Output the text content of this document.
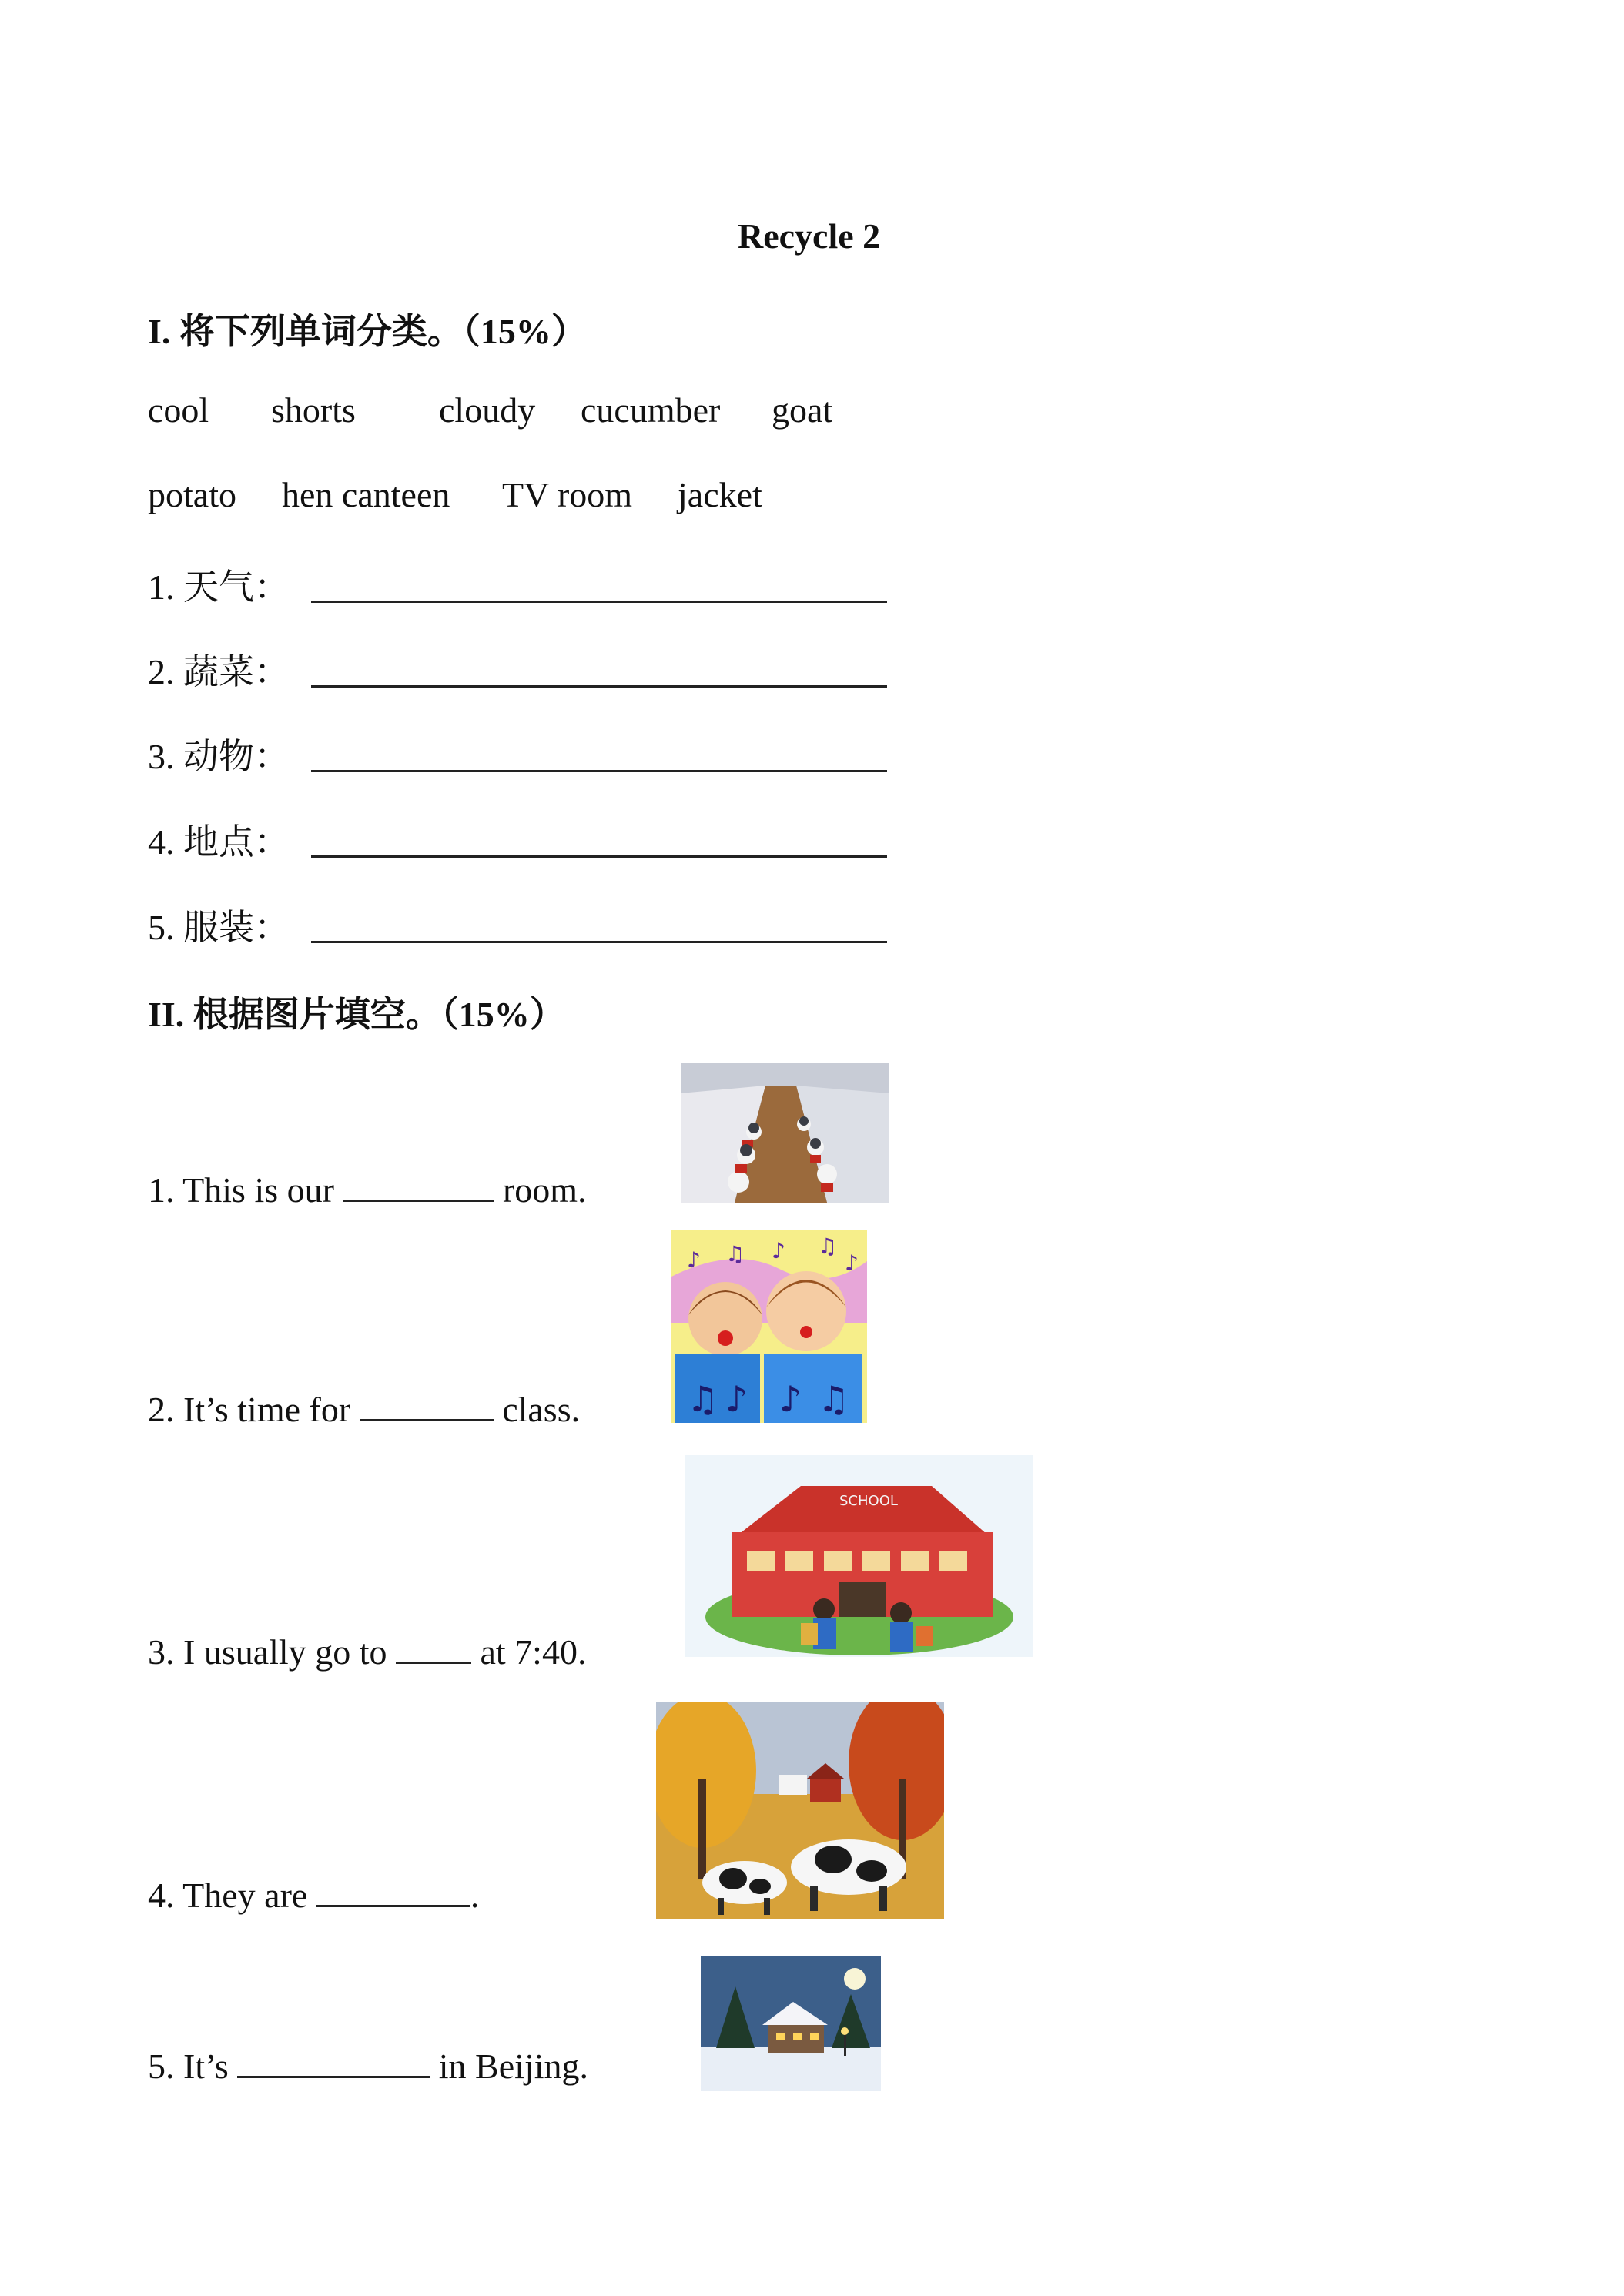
Recycle 2
I. 将下列单词分类。（15%）
cool shorts cloudy cucumber goat
potato hen canteen TV room jacket
1. 天气：
2. 蔬菜：
3. 动物：
4. 地点：
5. 服装：
II. 根据图片填空。（15%）
1. This is our	room.
2. It’s time for	class.
♪ ♫ ♪ ♫
♪
♫ ♪ ♪ ♫
3. I usually go to	at 7:40.
SCHOOL
4. They are	.
5. It’s	in Beijing.
